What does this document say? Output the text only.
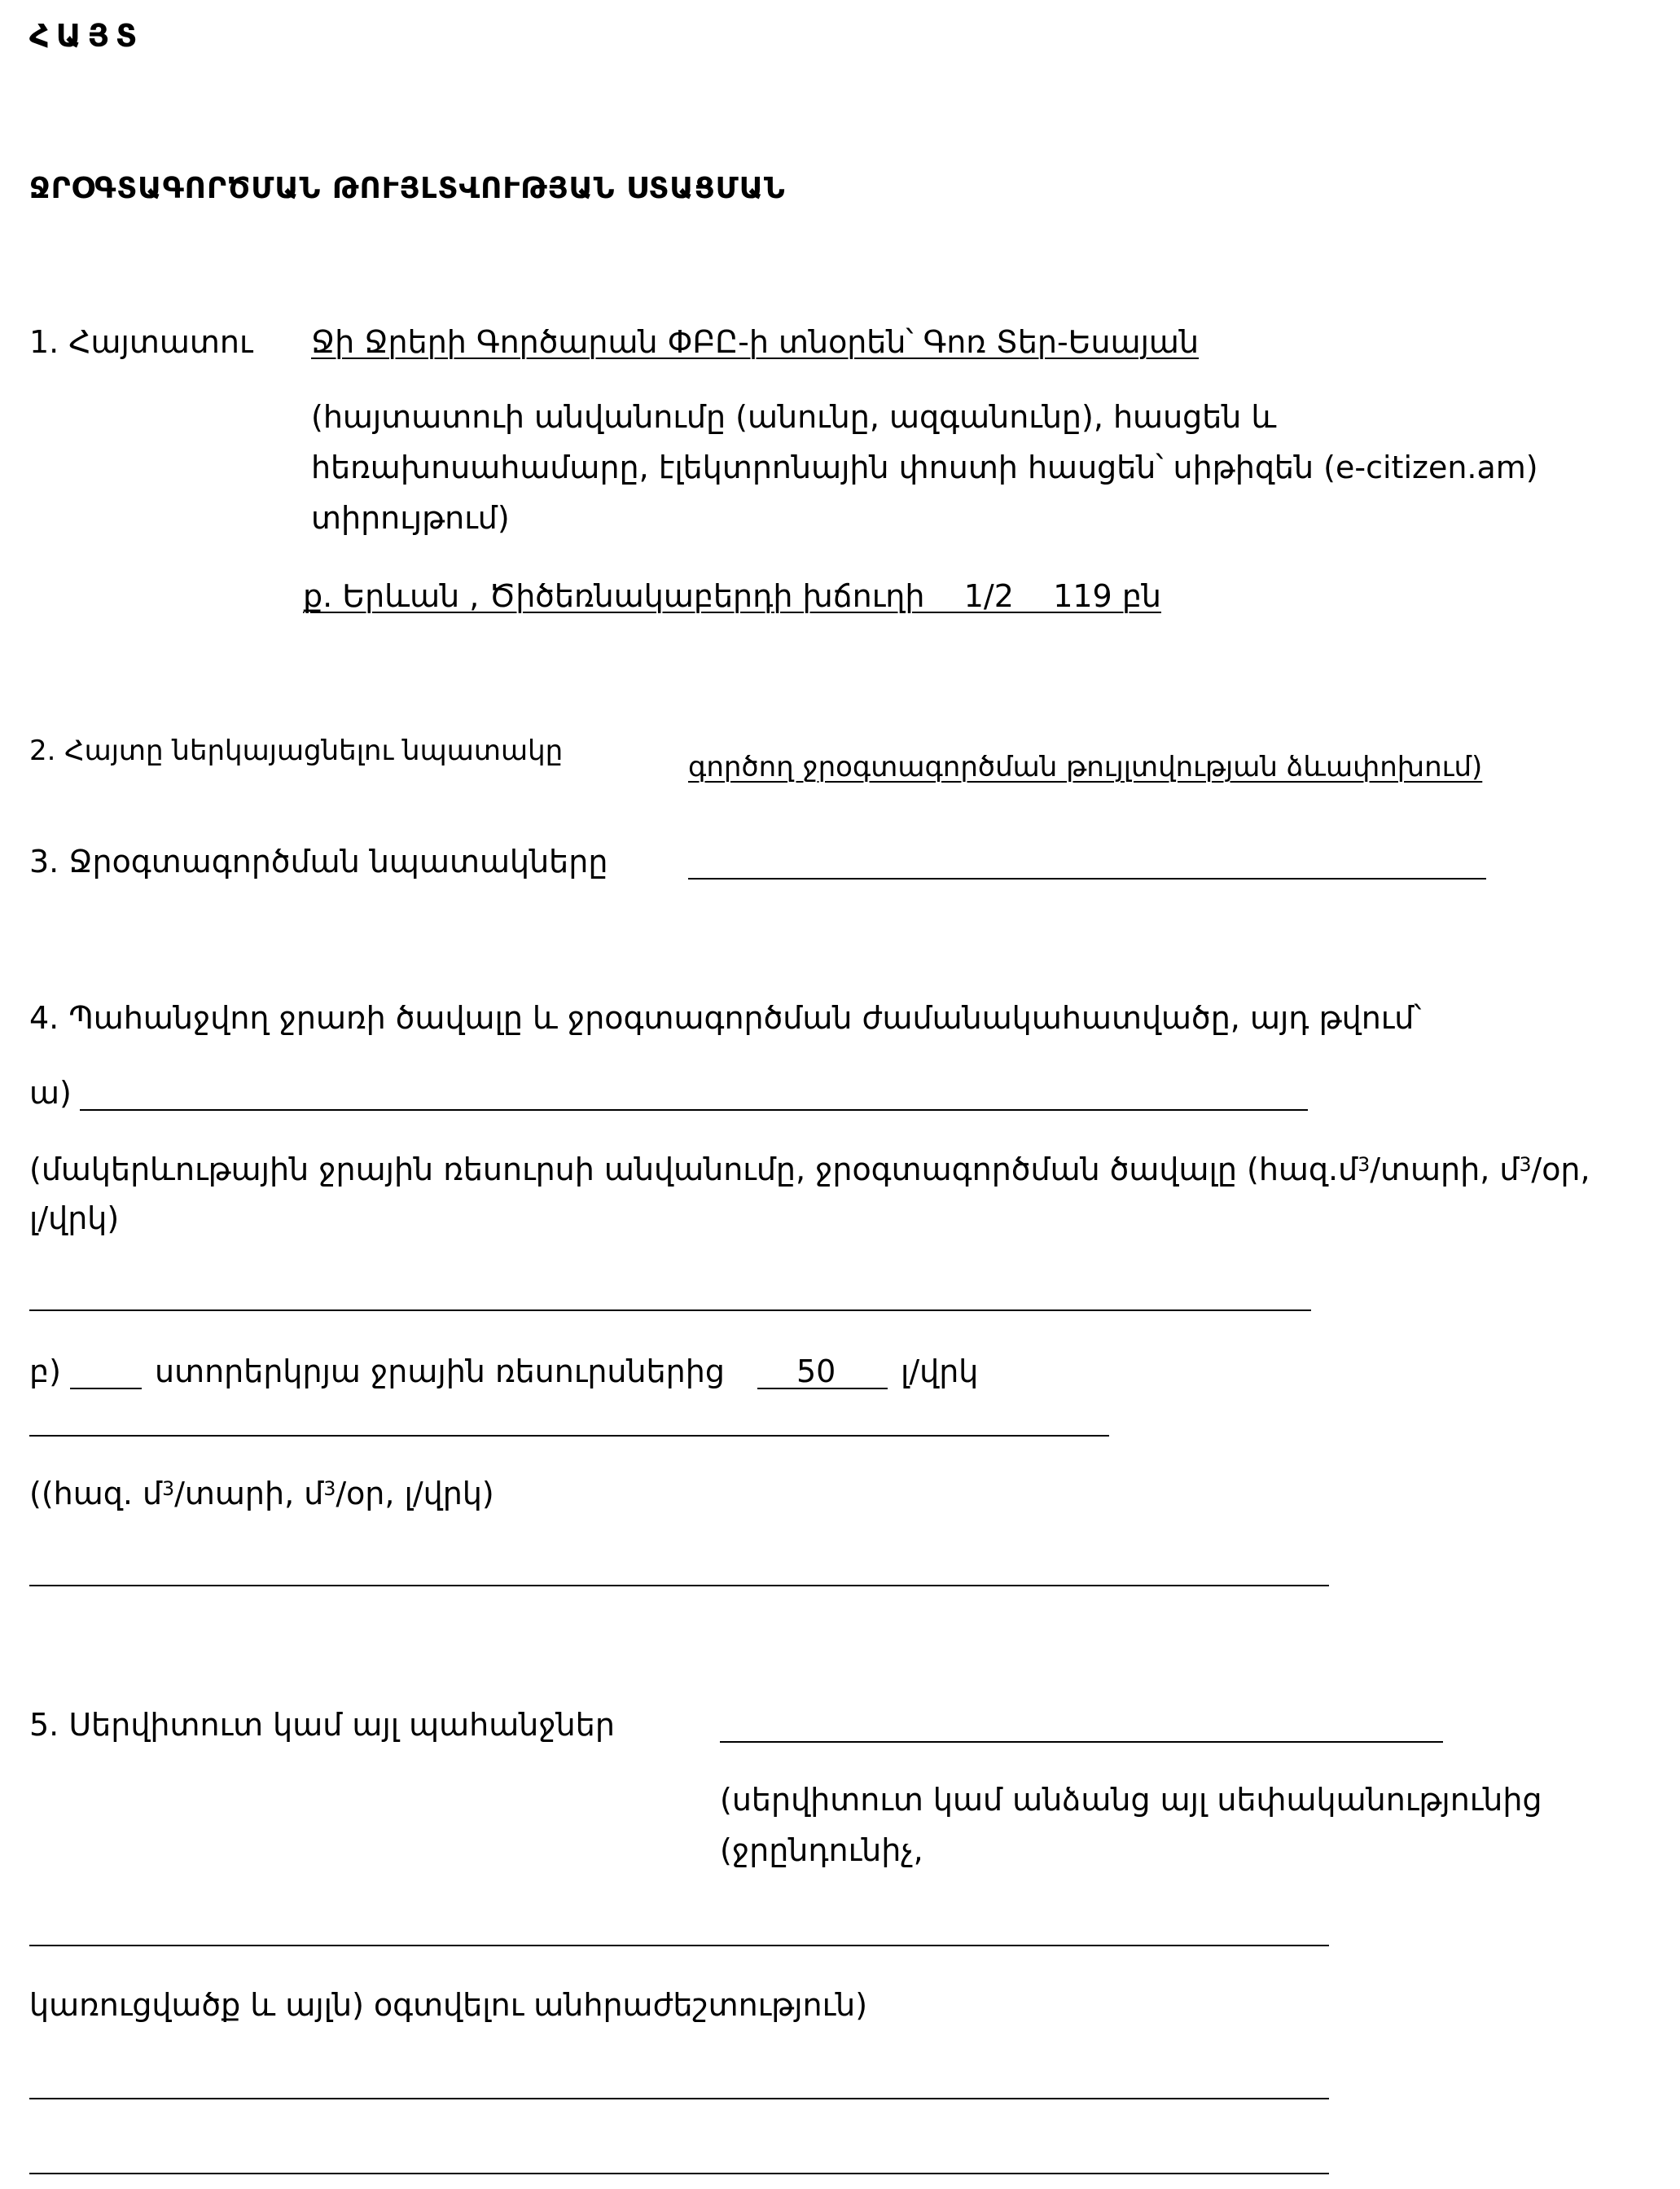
ՀԱՅՏ
ՋՐՕԳՏԱԳՈՐԾՄԱՆ ԹՈՒՅԼՏՎՈՒԹՅԱՆ ՍՏԱՑՄԱՆ
1. Հայտատու Ջի Ջրերի Գործարան ՓԲԸ-ի տնօրեն՝ Գոռ Տեր-Եսայան
(հայտատուի անվանումը (անունը, ազգանունը), հասցեն և
հեռախոսահամարը, էլեկտրոնային փոստի հասցեն՝ սիթիզեն (e-citizen.am)
տիրույթում)
ք. Երևան , Ծիծեռնակաբերդի խճուղի    1/2    119 բն
2. Հայտը ներկայացնելու նպատակը	գործող ջրօգտագործման թույլտվության ձևափոխում)
3. Ջրօգտագործման նպատակները
4. Պահանջվող ջրառի ծավալը և ջրօգտագործման ժամանակահատվածը, այդ թվում՝
ա)
(մակերևութային ջրային ռեսուրսի անվանումը, ջրօգտագործման ծավալը (հազ.մ$^3$/տարի, մ$^3$/օր,
լ/վրկ)
բ)	ստորերկրյա ջրային ռեսուրսներից 50 լ/վրկ
((հազ. մ$^3$/տարի, մ$^3$/օր, լ/վրկ)
5. Սերվիտուտ կամ այլ պահանջներ
(սերվիտուտ կամ անձանց այլ սեփականությունից
(ջրընդունիչ,
կառուցվածք և այլն) օգտվելու անհրաժեշտություն)
